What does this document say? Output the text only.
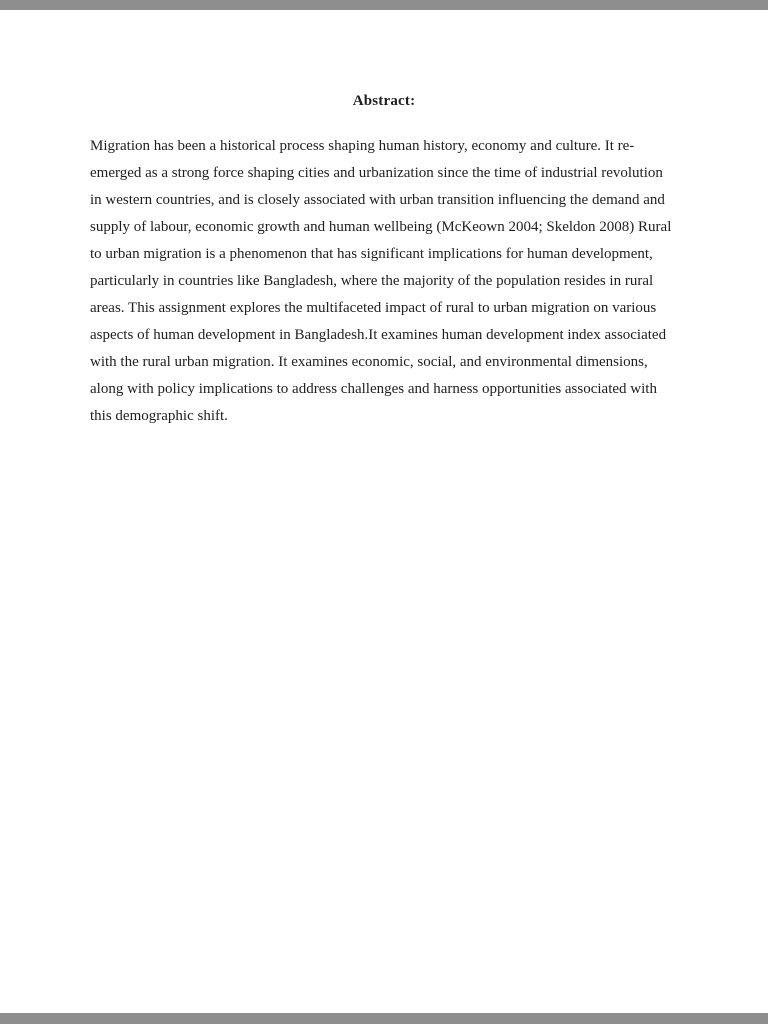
Abstract:
Migration has been a historical process shaping human history, economy and culture. It re-
emerged as a strong force shaping cities and urbanization since the time of industrial revolution
in western countries, and is closely associated with urban transition influencing the demand and
supply of labour, economic growth and human wellbeing (McKeown 2004; Skeldon 2008) Rural
to urban migration is a phenomenon that has significant implications for human development,
particularly in countries like Bangladesh, where the majority of the population resides in rural
areas. This assignment explores the multifaceted impact of rural to urban migration on various
aspects of human development in Bangladesh.It examines human development index associated
with the rural urban migration. It examines economic, social, and environmental dimensions,
along with policy implications to address challenges and harness opportunities associated with
this demographic shift.
